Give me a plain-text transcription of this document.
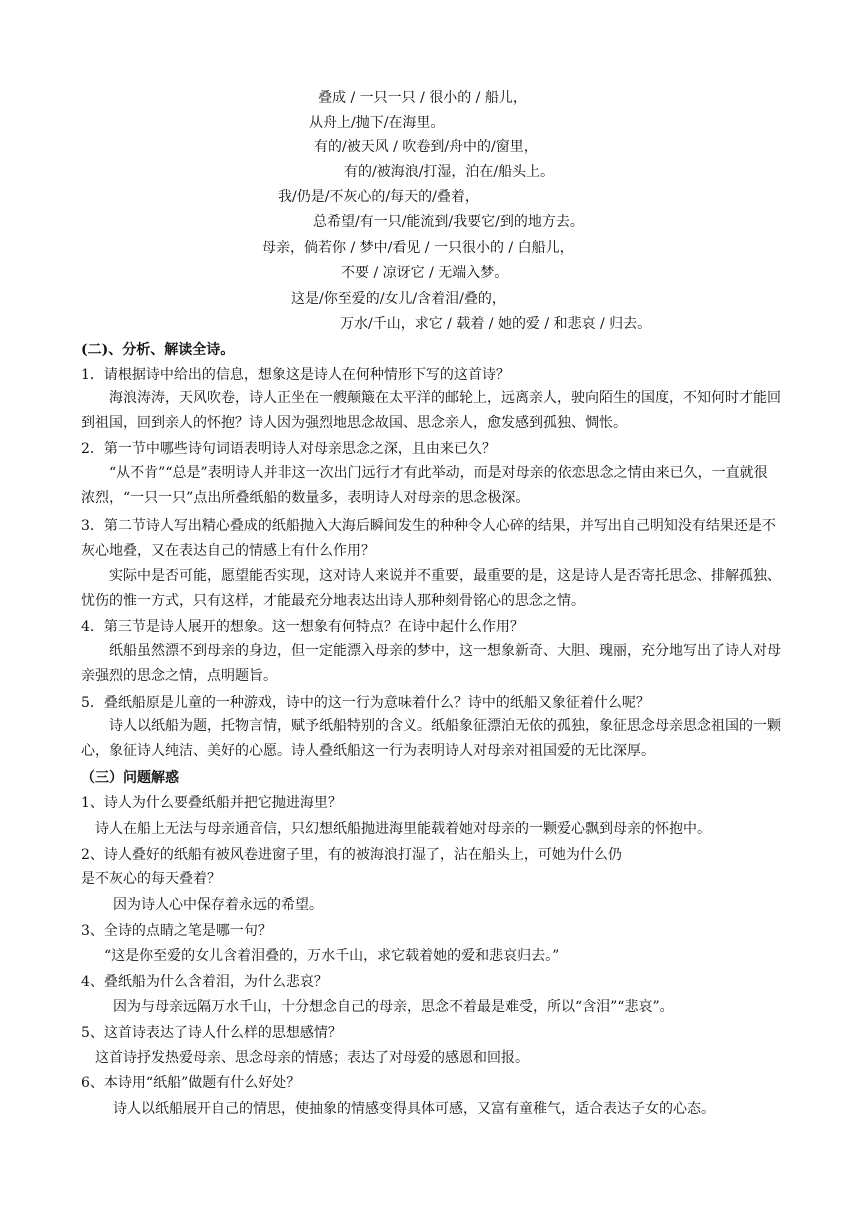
叠成 / 一只一只 / 很小的 / 船儿，
从舟上/抛下/在海里。
有的/被天风 / 吹卷到/舟中的/窗里，
有的/被海浪/打湿，泊在/船头上。
我/仍是/不灰心的/每天的/叠着，
总希望/有一只/能流到/我要它/到的地方去。
母亲，倘若你 / 梦中/看见 / 一只很小的 / 白船儿，
不要 / 凉讶它 / 无端入梦。
这是/你至爱的/女儿/含着泪/叠的，
万水/千山，求它 / 载着 / 她的爱 / 和悲哀 / 归去。
(二)、分析、解读全诗。
1．请根据诗中给出的信息，想象这是诗人在何种情形下写的这首诗？
海浪涛涛，天风吹卷，诗人正坐在一艘颠簸在太平洋的邮轮上，远离亲人，驶向陌生的国度，不知何时才能回到祖国，回到亲人的怀抱？诗人因为强烈地思念故国、思念亲人，愈发感到孤独、惆怅。
2．第一节中哪些诗句词语表明诗人对母亲思念之深，且由来已久？
“从不肯”“总是”表明诗人并非这一次出门远行才有此举动，而是对母亲的依恋思念之情由来已久，一直就很浓烈，“一只一只”点出所叠纸船的数量多，表明诗人对母亲的思念极深。
3．第二节诗人写出精心叠成的纸船抛入大海后瞬间发生的种种令人心碎的结果，并写出自己明知没有结果还是不灰心地叠，又在表达自己的情感上有什么作用？
实际中是否可能，愿望能否实现，这对诗人来说并不重要，最重要的是，这是诗人是否寄托思念、排解孤独、忧伤的惟一方式，只有这样，才能最充分地表达出诗人那种刻骨铭心的思念之情。
4．第三节是诗人展开的想象。这一想象有何特点？在诗中起什么作用？
纸船虽然漂不到母亲的身边，但一定能漂入母亲的梦中，这一想象新奇、大胆、瑰丽，充分地写出了诗人对母亲强烈的思念之情，点明题旨。
5．叠纸船原是儿童的一种游戏，诗中的这一行为意味着什么？诗中的纸船又象征着什么呢？
诗人以纸船为题，托物言情，赋予纸船特别的含义。纸船象征漂泊无依的孤独，象征思念母亲思念祖国的一颗心，象征诗人纯洁、美好的心愿。诗人叠纸船这一行为表明诗人对母亲对祖国爱的无比深厚。
（三）问题解惑
1、诗人为什么要叠纸船并把它抛进海里？
诗人在船上无法与母亲通音信，只幻想纸船抛进海里能载着她对母亲的一颗爱心飘到母亲的怀抱中。
2、诗人叠好的纸船有被风卷进窗子里，有的被海浪打湿了，沾在船头上，可她为什么仍
是不灰心的每天叠着？
因为诗人心中保存着永远的希望。
3、全诗的点睛之笔是哪一句？
“这是你至爱的女儿含着泪叠的，万水千山，求它载着她的爱和悲哀归去。”
4、叠纸船为什么含着泪，为什么悲哀？
因为与母亲远隔万水千山，十分想念自己的母亲，思念不着最是难受，所以“含泪”“悲哀”。
5、这首诗表达了诗人什么样的思想感情？
这首诗抒发热爱母亲、思念母亲的情感；表达了对母爱的感恩和回报。
6、本诗用“纸船”做题有什么好处？
诗人以纸船展开自己的情思，使抽象的情感变得具体可感，又富有童稚气，适合表达子女的心态。
